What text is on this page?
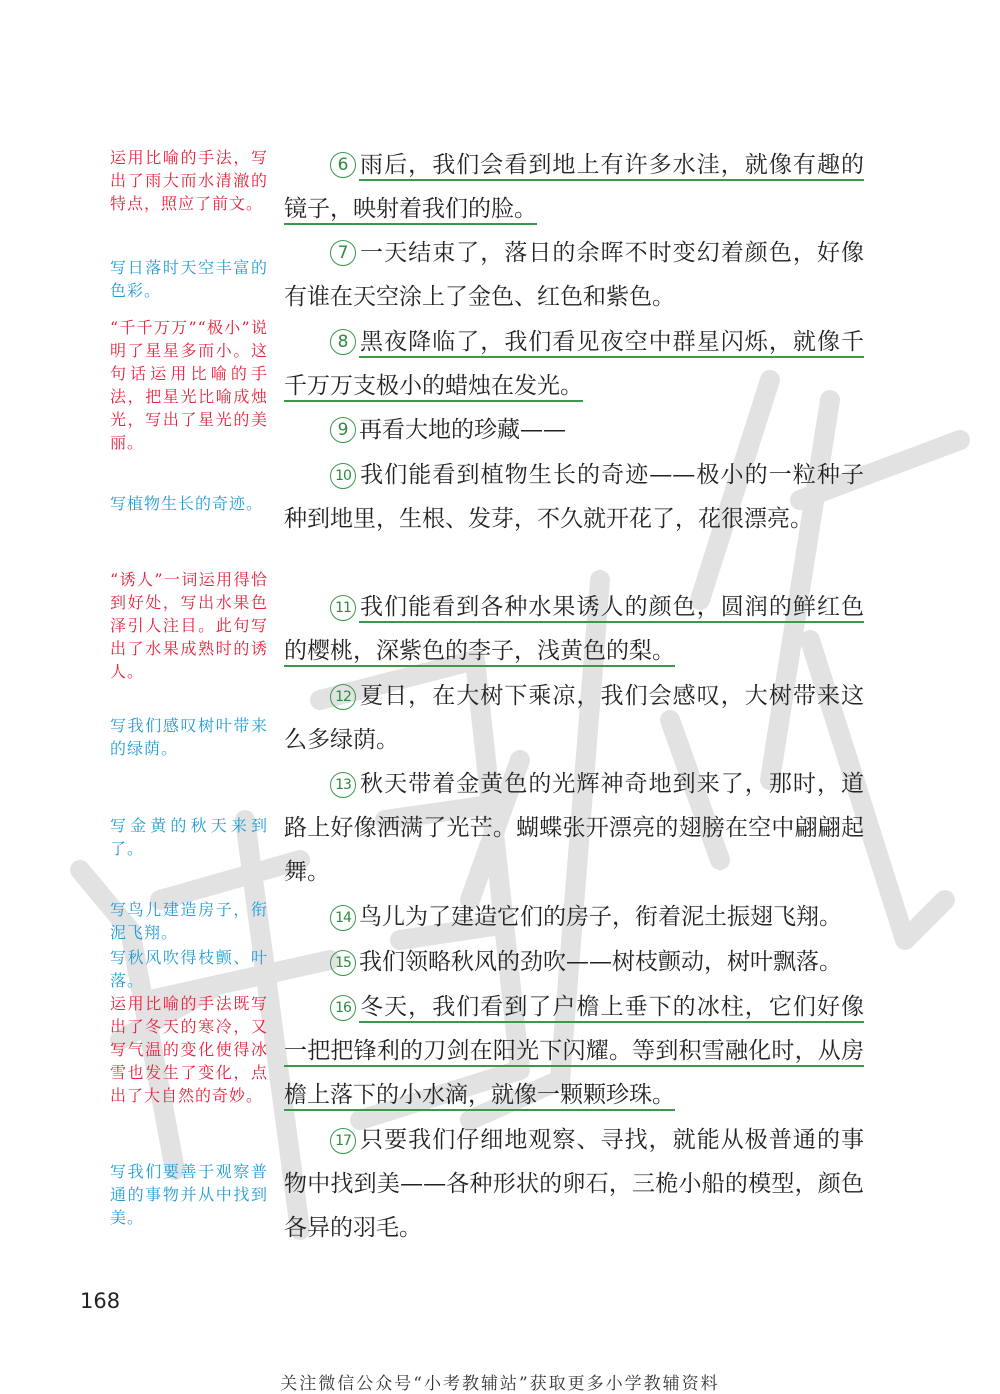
运用比喻的手法，写出了雨大而水清澈的特点，照应了前文。
写日落时天空丰富的色彩。
“千千万万”“极小”说明了星星多而小。这句话运用比喻的手法，把星光比喻成烛光，写出了星光的美丽。
写植物生长的奇迹。
“诱人”一词运用得恰到好处，写出水果色泽引人注目。此句写出了水果成熟时的诱人。
写我们感叹树叶带来的绿荫。
写金黄的秋天来到了。
写鸟儿建造房子，衔泥飞翔。
写秋风吹得枝颤、叶落。
运用比喻的手法既写出了冬天的寒冷，又写气温的变化使得冰雪也发生了变化，点出了大自然的奇妙。
写我们要善于观察普通的事物并从中找到美。
6 雨后，我们会看到地上有许多水洼，就像有趣的镜子，映射着我们的脸。
7 一天结束了，落日的余晖不时变幻着颜色，好像有谁在天空涂上了金色、红色和紫色。
8 黑夜降临了，我们看见夜空中群星闪烁，就像千千万万支极小的蜡烛在发光。
9 再看大地的珍藏——
10 我们能看到植物生长的奇迹——极小的一粒种子种到地里，生根、发芽，不久就开花了，花很漂亮。
11 我们能看到各种水果诱人的颜色，圆润的鲜红色的樱桃，深紫色的李子，浅黄色的梨。
12 夏日，在大树下乘凉，我们会感叹，大树带来这么多绿荫。
13 秋天带着金黄色的光辉神奇地到来了，那时，道路上好像洒满了光芒。蝴蝶张开漂亮的翅膀在空中翩翩起舞。
14 鸟儿为了建造它们的房子，衔着泥土振翅飞翔。
15 我们领略秋风的劲吹——树枝颤动，树叶飘落。
16 冬天，我们看到了户檐上垂下的冰柱，它们好像一把把锋利的刀剑在阳光下闪耀。等到积雪融化时，从房檐上落下的小水滴，就像一颗颗珍珠。
17 只要我们仔细地观察、寻找，就能从极普通的事物中找到美——各种形状的卵石，三桅小船的模型，颜色各异的羽毛。
168
关注微信公众号“小考教辅站”获取更多小学教辅资料
